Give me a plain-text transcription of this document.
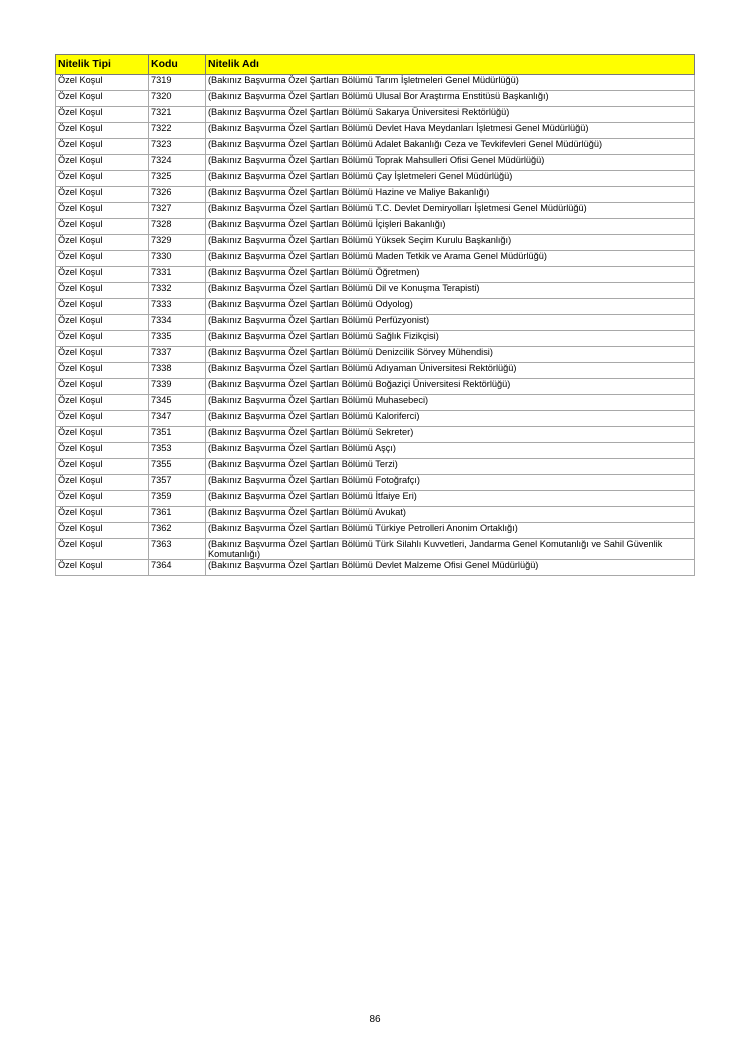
Nitelik Tipi	Kodu	Nitelik Adı
Özel Koşul	7319	(Bakınız Başvurma Özel Şartları Bölümü Tarım İşletmeleri Genel Müdürlüğü)
Özel Koşul	7320	(Bakınız Başvurma Özel Şartları Bölümü Ulusal Bor Araştırma Enstitüsü Başkanlığı)
Özel Koşul	7321	(Bakınız Başvurma Özel Şartları Bölümü Sakarya Üniversitesi Rektörlüğü)
Özel Koşul	7322	(Bakınız Başvurma Özel Şartları Bölümü Devlet Hava Meydanları İşletmesi Genel Müdürlüğü)
Özel Koşul	7323	(Bakınız Başvurma Özel Şartları Bölümü Adalet Bakanlığı Ceza ve Tevkifevleri Genel Müdürlüğü)
Özel Koşul	7324	(Bakınız Başvurma Özel Şartları Bölümü Toprak Mahsulleri Ofisi Genel Müdürlüğü)
Özel Koşul	7325	(Bakınız Başvurma Özel Şartları Bölümü Çay İşletmeleri Genel Müdürlüğü)
Özel Koşul	7326	(Bakınız Başvurma Özel Şartları Bölümü Hazine ve Maliye Bakanlığı)
Özel Koşul	7327	(Bakınız Başvurma Özel Şartları Bölümü T.C. Devlet Demiryolları İşletmesi Genel Müdürlüğü)
Özel Koşul	7328	(Bakınız Başvurma Özel Şartları Bölümü İçişleri Bakanlığı)
Özel Koşul	7329	(Bakınız Başvurma Özel Şartları Bölümü Yüksek Seçim Kurulu Başkanlığı)
Özel Koşul	7330	(Bakınız Başvurma Özel Şartları Bölümü Maden Tetkik ve Arama Genel Müdürlüğü)
Özel Koşul	7331	(Bakınız Başvurma Özel Şartları Bölümü Öğretmen)
Özel Koşul	7332	(Bakınız Başvurma Özel Şartları Bölümü Dil ve Konuşma Terapisti)
Özel Koşul	7333	(Bakınız Başvurma Özel Şartları Bölümü Odyolog)
Özel Koşul	7334	(Bakınız Başvurma Özel Şartları Bölümü Perfüzyonist)
Özel Koşul	7335	(Bakınız Başvurma Özel Şartları Bölümü Sağlık Fizikçisi)
Özel Koşul	7337	(Bakınız Başvurma Özel Şartları Bölümü Denizcilik Sörvey Mühendisi)
Özel Koşul	7338	(Bakınız Başvurma Özel Şartları Bölümü Adıyaman Üniversitesi Rektörlüğü)
Özel Koşul	7339	(Bakınız Başvurma Özel Şartları Bölümü Boğaziçi Üniversitesi Rektörlüğü)
Özel Koşul	7345	(Bakınız Başvurma Özel Şartları Bölümü Muhasebeci)
Özel Koşul	7347	(Bakınız Başvurma Özel Şartları Bölümü Kaloriferci)
Özel Koşul	7351	(Bakınız Başvurma Özel Şartları Bölümü Sekreter)
Özel Koşul	7353	(Bakınız Başvurma Özel Şartları Bölümü Aşçı)
Özel Koşul	7355	(Bakınız Başvurma Özel Şartları Bölümü Terzi)
Özel Koşul	7357	(Bakınız Başvurma Özel Şartları Bölümü Fotoğrafçı)
Özel Koşul	7359	(Bakınız Başvurma Özel Şartları Bölümü İtfaiye Eri)
Özel Koşul	7361	(Bakınız Başvurma Özel Şartları Bölümü Avukat)
Özel Koşul	7362	(Bakınız Başvurma Özel Şartları Bölümü Türkiye Petrolleri Anonim Ortaklığı)
Özel Koşul	7363	(Bakınız Başvurma Özel Şartları Bölümü Türk Silahlı Kuvvetleri, Jandarma Genel Komutanlığı ve Sahil Güvenlik Komutanlığı)
Özel Koşul	7364	(Bakınız Başvurma Özel Şartları Bölümü Devlet Malzeme Ofisi Genel Müdürlüğü)
86
